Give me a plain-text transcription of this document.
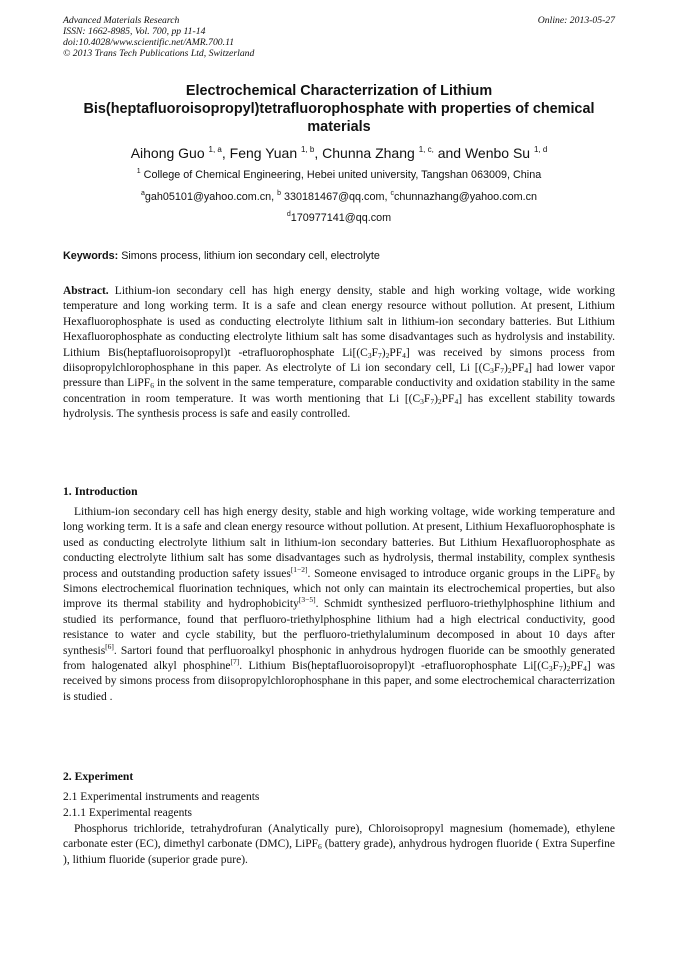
Advanced Materials Research
ISSN: 1662-8985, Vol. 700, pp 11-14
doi:10.4028/www.scientific.net/AMR.700.11
© 2013 Trans Tech Publications Ltd, Switzerland
Online: 2013-05-27
Electrochemical Characterrization of Lithium Bis(heptafluoroisopropyl)tetrafluorophosphate with properties of chemical materials
Aihong Guo $^{1, a}$, Feng Yuan $^{1, b}$, Chunna Zhang $^{1, c,}$ and Wenbo Su $^{1, d}$
$^1$ College of Chemical Engineering, Hebei united university, Tangshan 063009, China
$^a$gah05101@yahoo.com.cn, $^b$ 330181467@qq.com, $^c$chunnazhang@yahoo.com.cn
$^d$170977141@qq.com
Keywords: Simons process, lithium ion secondary cell, electrolyte
Abstract. Lithium-ion secondary cell has high energy density, stable and high working voltage, wide working temperature and long working term. It is a safe and clean energy resource without pollution. At present, Lithium Hexafluorophosphate is used as conducting electrolyte lithium salt in lithium-ion secondary batteries. But Lithium Hexafluorophosphate as conducting electrolyte lithium salt has some disadvantages such as hydrolysis and instability. Lithium Bis(heptafluoroisopropyl)t -etrafluorophosphate $Li[(C_3F_7)_2PF_4]$ was received by simons process from diisopropylchlorophosphane in this paper. As electrolyte of Li ion secondary cell, Li $[(C_3F_7)_2PF_4]$ had lower vapor pressure than LiPF$_6$ in the solvent in the same temperature, comparable conductivity and oxidation stability in the same concentration in room temperature. It was worth mentioning that Li $[(C_3F_7)_2PF_4]$ has excellent stability towards hydrolysis. The synthesis process is safe and easily controlled.
1. Introduction
Lithium-ion secondary cell has high energy desity, stable and high working voltage, wide working temperature and long working term. It is a safe and clean energy resource without pollution. At present, Lithium Hexafluorophosphate is used as conducting electrolyte lithium salt in lithium-ion secondary batteries. But Lithium Hexafluorophosphate as conducting electrolyte lithium salt has some disadvantages such as hydrolysis, thermal instability, complex synthesis process and outstanding production safety issues[1−2]. Someone envisaged to introduce organic groups in the LiPF$_6$ by Simons electrochemical fluorination techniques, which not only can maintain its electrochemical properties, but also improve its thermal stability and hydrophobicity[3−5]. Schmidt synthesized perfluoro-triethylphosphine lithium and studied its performance, found that perfluoro-triethylphosphine lithium had a high electrical conductivity, good resistance to water and cycle stability, but the perfluoro-triethylaluminum decomposed in about 10 days after synthesis[6]. Sartori found that perfluoroalkyl phosphonic in anhydrous hydrogen fluoride can be smoothly generated from halogenated alkyl phosphine[7]. Lithium Bis(heptafluoroisopropyl)t -etrafluorophosphate $Li[(C_3F_7)_2PF_4]$ was received by simons process from diisopropylchlorophosphane in this paper, and some electrochemical characterrization is studied .
2. Experiment
2.1 Experimental instruments and reagents
2.1.1 Experimental reagents
Phosphorus trichloride, tetrahydrofuran (Analytically pure), Chloroisopropyl magnesium (homemade), ethylene carbonate ester (EC), dimethyl carbonate (DMC), LiPF$_6$ (battery grade), anhydrous hydrogen fluoride ( Extra Superfine ), lithium fluoride (superior grade pure).
